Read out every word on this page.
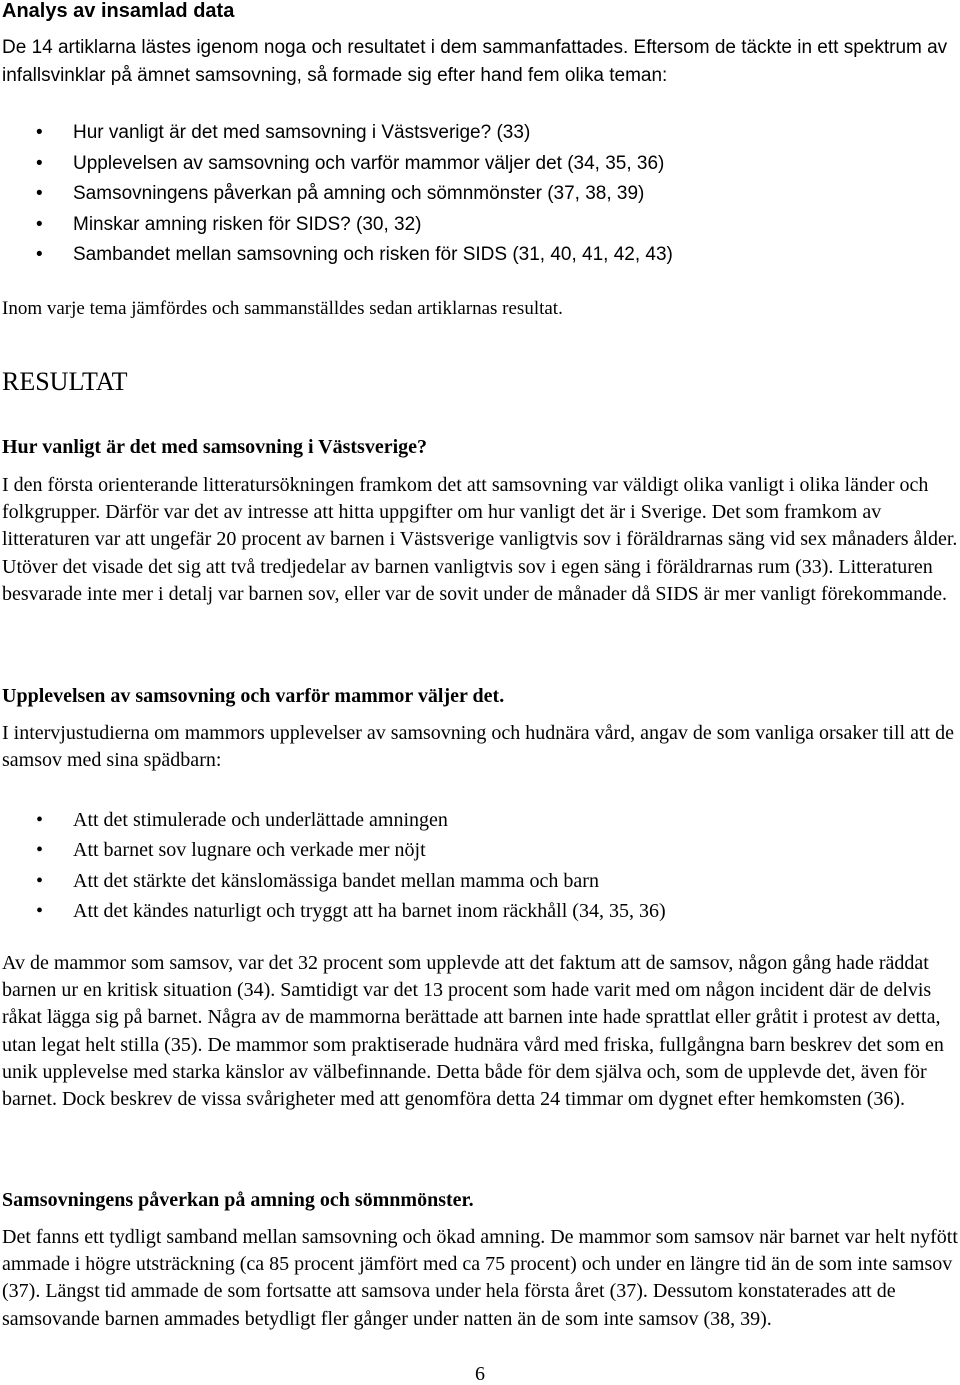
Analys av insamlad data

De 14 artiklarna lästes igenom noga och resultatet i dem sammanfattades. Eftersom de täckte in ett spektrum av infallsvinklar på ämnet samsovning, så formade sig efter hand fem olika teman:

• Hur vanligt är det med samsovning i Västsverige? (33)
• Upplevelsen av samsovning och varför mammor väljer det (34, 35, 36)
• Samsovningens påverkan på amning och sömnmönster (37, 38, 39)
• Minskar amning risken för SIDS? (30, 32)
• Sambandet mellan samsovning och risken för SIDS (31, 40, 41, 42, 43)

Inom varje tema jämfördes och sammanställdes sedan artiklarnas resultat.

RESULTAT
Hur vanligt är det med samsovning i Västsverige?

I den första orienterande litteratursökningen framkom det att samsovning var väldigt olika vanligt i olika länder och folkgrupper. Därför var det av intresse att hitta uppgifter om hur vanligt det är i Sverige. Det som framkom av litteraturen var att ungefär 20 procent av barnen i Västsverige vanligtvis sov i föräldrarnas säng vid sex månaders ålder. Utöver det visade det sig att två tredjedelar av barnen vanligtvis sov i egen säng i föräldrarnas rum (33). Litteraturen besvarade inte mer i detalj var barnen sov, eller var de sovit under de månader då SIDS är mer vanligt förekommande.

Upplevelsen av samsovning och varför mammor väljer det.

I intervjustudierna om mammors upplevelser av samsovning och hudnära vård, angav de som vanliga orsaker till att de samsov med sina spädbarn:

• Att det stimulerade och underlättade amningen
• Att barnet sov lugnare och verkade mer nöjt
• Att det stärkte det känslomässiga bandet mellan mamma och barn
• Att det kändes naturligt och tryggt att ha barnet inom räckhåll (34, 35, 36)

Av de mammor som samsov, var det 32 procent som upplevde att det faktum att de samsov, någon gång hade räddat barnen ur en kritisk situation (34). Samtidigt var det 13 procent som hade varit med om någon incident där de delvis råkat lägga sig på barnet. Några av de mammorna berättade att barnen inte hade sprattlat eller gråtit i protest av detta, utan legat helt stilla (35). De mammor som praktiserade hudnära vård med friska, fullgångna barn beskrev det som en unik upplevelse med starka känslor av välbefinnande. Detta både för dem själva och, som de upplevde det, även för barnet. Dock beskrev de vissa svårigheter med att genomföra detta 24 timmar om dygnet efter hemkomsten (36).

Samsovningens påverkan på amning och sömnmönster.

Det fanns ett tydligt samband mellan samsovning och ökad amning. De mammor som samsov när barnet var helt nyfött ammade i högre utsträckning (ca 85 procent jämfört med ca 75 procent) och under en längre tid än de som inte samsov (37). Längst tid ammade de som fortsatte att samsova under hela första året (37). Dessutom konstaterades att de samsovande barnen ammades betydligt fler gånger under natten än de som inte samsov (38, 39).

6
